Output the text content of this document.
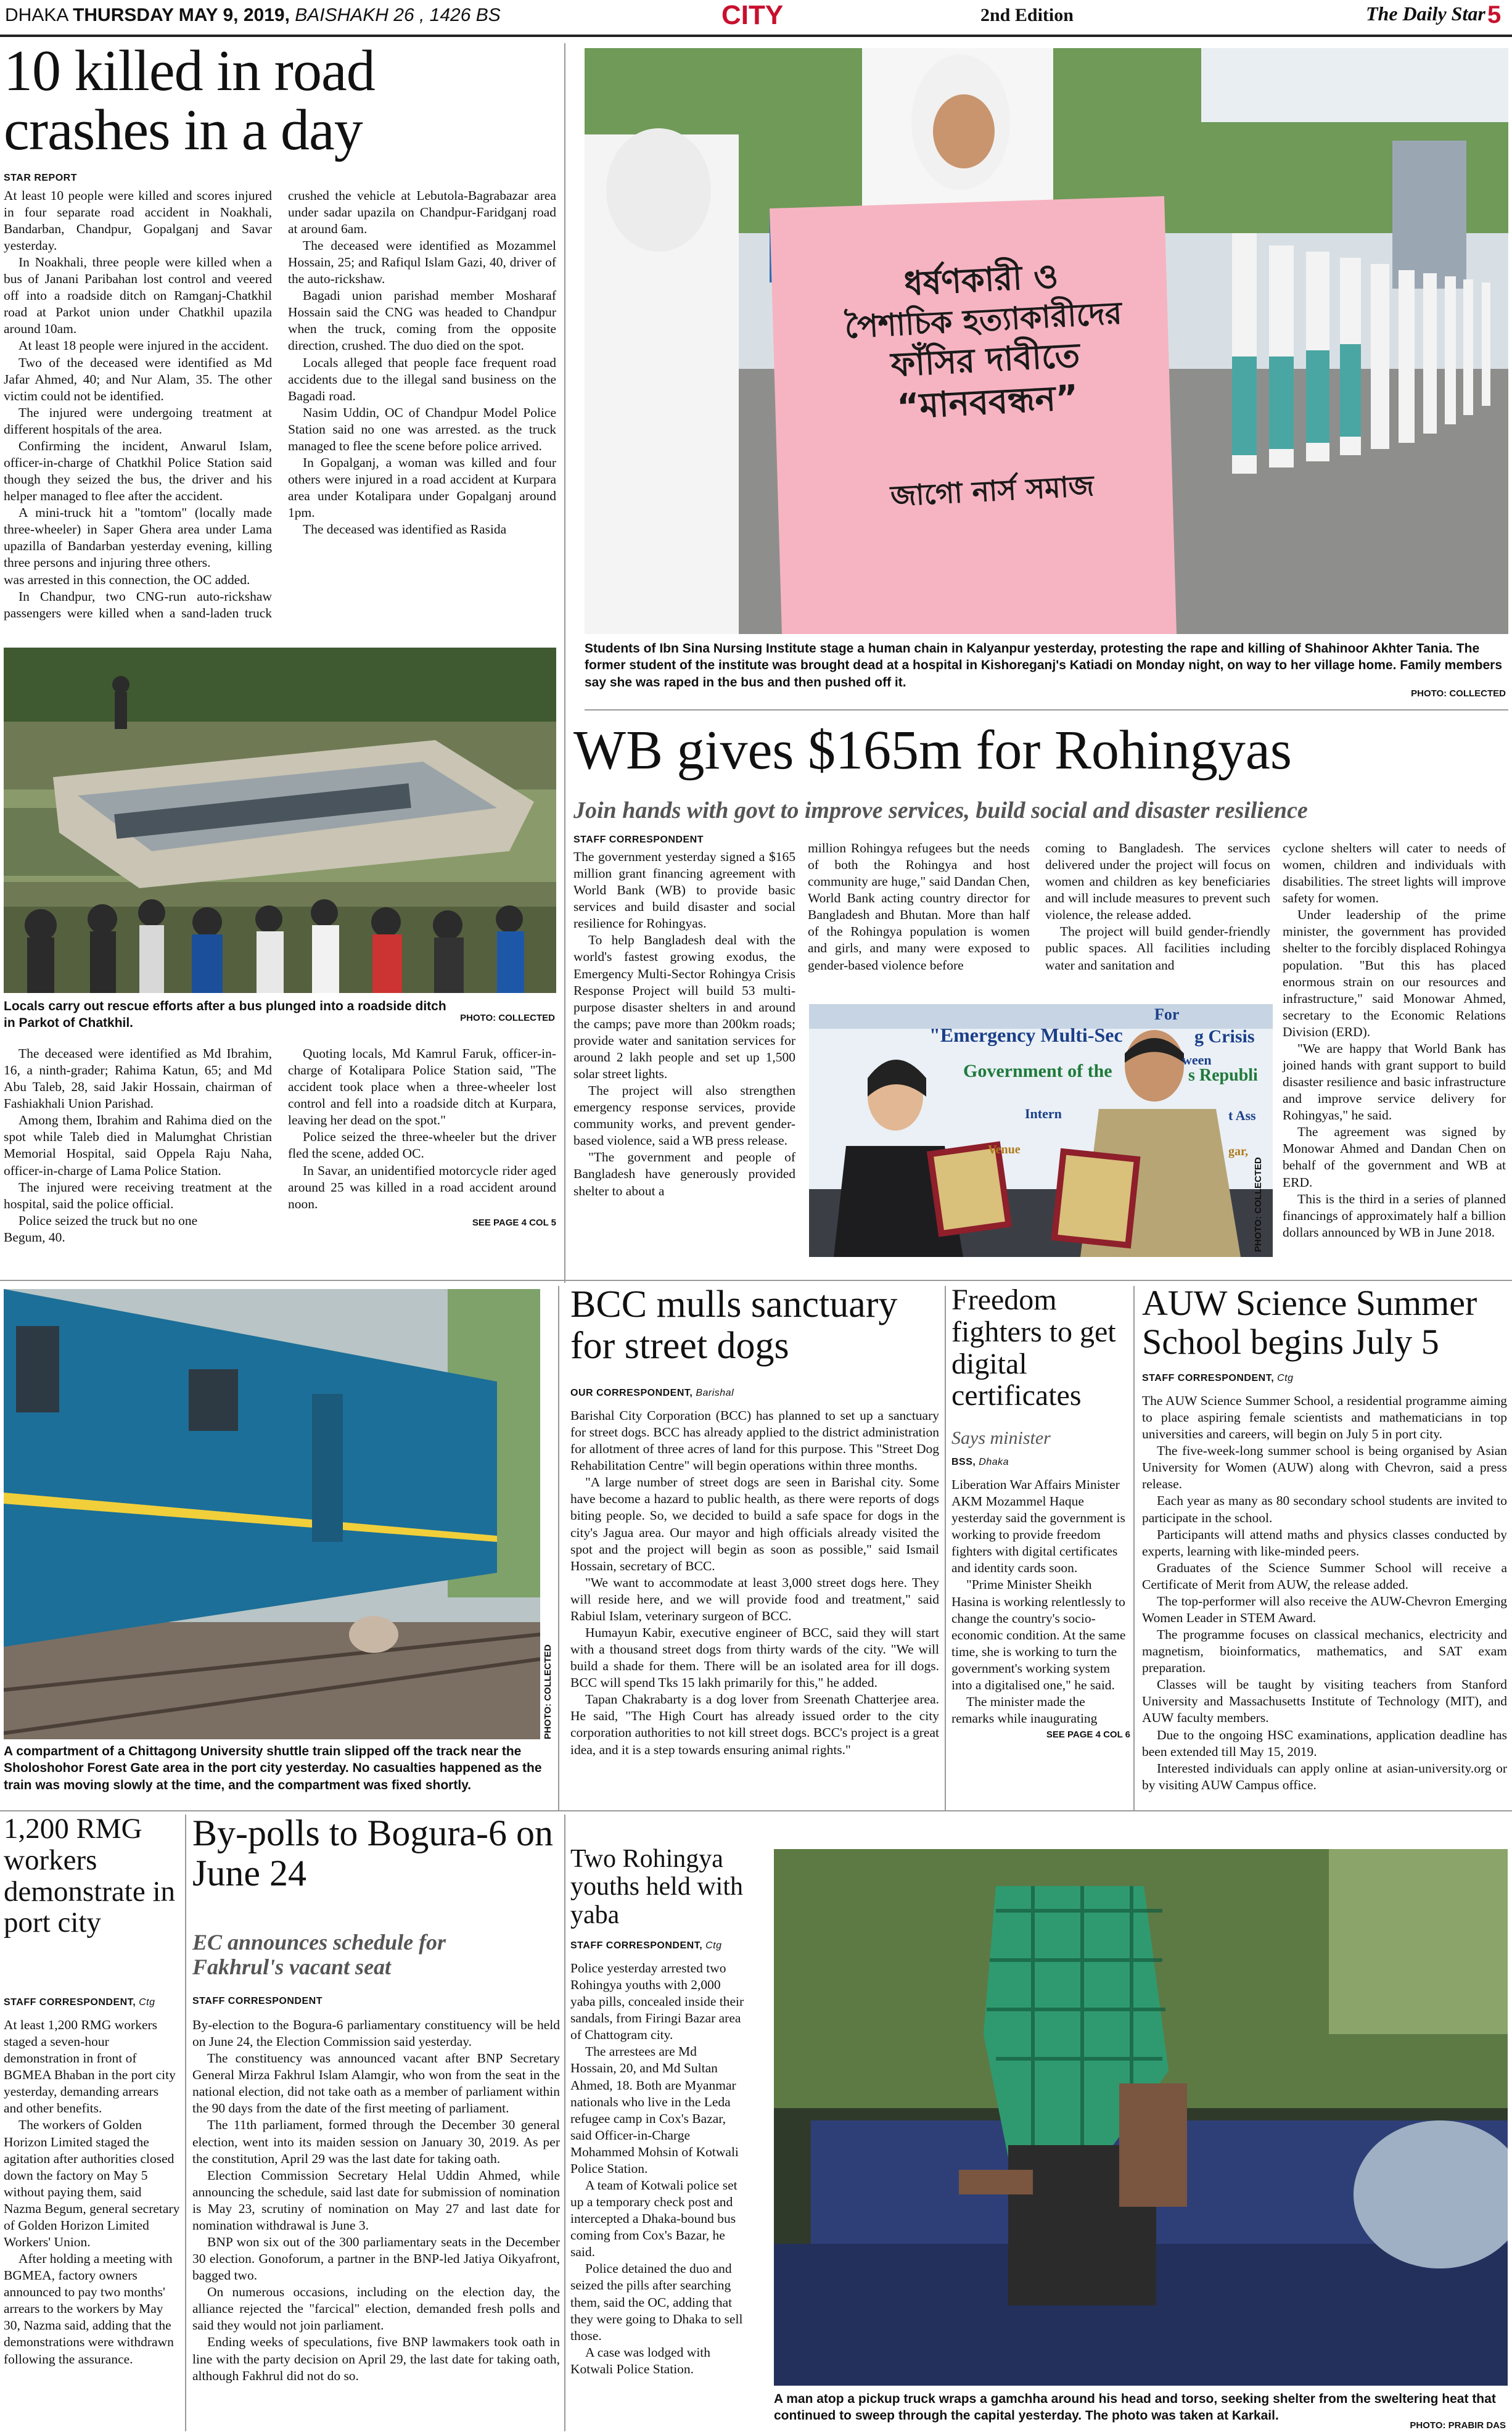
DHAKA THURSDAY MAY 9, 2019, BAISHAKH 26 , 1426 BS	CITY	2nd Edition	The Daily Star 5
10 killed in road crashes in a day
STAR REPORT

At least 10 people were killed and scores injured in four separate road accident in Noakhali, Bandarban, Chandpur, Gopalganj and Savar yesterday.

In Noakhali, three people were killed when a bus of Janani Paribahan lost control and veered off into a roadside ditch on Ramganj-Chatkhil road at Parkot union under Chatkhil upazila around 10am.

At least 18 people were injured in the accident.

Two of the deceased were identified as Md Jafar Ahmed, 40; and Nur Alam, 35. The other victim could not be identified.

The injured were undergoing treatment at different hospitals of the area.

Confirming the incident, Anwarul Islam, officer-in-charge of Chatkhil Police Station said though they seized the bus, the driver and his helper managed to flee after the accident.

A mini-truck hit a "tomtom" (locally made three-wheeler) in Saper Ghera area under Lama upazilla of Bandarban yesterday evening, killing three persons and injuring three others.

was arrested in this connection, the OC added.

In Chandpur, two CNG-run auto-rickshaw passengers were killed when a sand-laden truck crushed the vehicle at Lebutola-Bagrabazar area under sadar upazila on Chandpur-Faridganj road at around 6am.

The deceased were identified as Mozammel Hossain, 25; and Rafiqul Islam Gazi, 40, driver of the auto-rickshaw.

Bagadi union parishad member Mosharaf Hossain said the CNG was headed to Chandpur when the truck, coming from the opposite direction, crushed. The duo died on the spot.

Locals alleged that people face frequent road accidents due to the illegal sand business on the Bagadi road.

Nasim Uddin, OC of Chandpur Model Police Station said no one was arrested. as the truck managed to flee the scene before police arrived.

In Gopalganj, a woman was killed and four others were injured in a road accident at Kurpara area under Kotalipara under Gopalganj around 1pm.

The deceased was identified as Rasida

Locals carry out rescue efforts after a bus plunged into a roadside ditch in Parkot of Chatkhil.	PHOTO: COLLECTED

The deceased were identified as Md Ibrahim, 16, a ninth-grader; Rahima Katun, 65; and Md Abu Taleb, 28, said Jakir Hossain, chairman of Fashiakhali Union Parishad.

Among them, Ibrahim and Rahima died on the spot while Taleb died in Malumghat Christian Memorial Hospital, said Oppela Raju Naha, officer-in-charge of Lama Police Station.

The injured were receiving treatment at the hospital, said the police official.

Police seized the truck but no one

Begum, 40.

Quoting locals, Md Kamrul Faruk, officer-in-charge of Kotalipara Police Station said, "The accident took place when a three-wheeler lost control and fell into a roadside ditch at Kurpara, leaving her dead on the spot."

Police seized the three-wheeler but the driver fled the scene, added OC.

In Savar, an unidentified motorcycle rider aged around 25 was killed in a road accident around noon.

SEE PAGE 4 COL 5
ধর্ষণকারী ও
পৈশাচিক হত্যাকারীদের
ফাঁসির দাবীতে
“মানববন্ধন”
জাগো নার্স সমাজ
Students of Ibn Sina Nursing Institute stage a human chain in Kalyanpur yesterday, protesting the rape and killing of Shahinoor Akhter Tania. The former student of the institute was brought dead at a hospital in Kishoreganj's Katiadi on Monday night, on way to her village home. Family members say she was raped in the bus and then pushed off it.
PHOTO: COLLECTED
WB gives $165m for Rohingyas
Join hands with govt to improve services, build social and disaster resilience
STAFF CORRESPONDENT

The government yesterday signed a $165 million grant financing agreement with World Bank (WB) to provide basic services and build disaster and social resilience for Rohingyas.

To help Bangladesh deal with the world's fastest growing exodus, the Emergency Multi-Sector Rohingya Crisis Response Project will build 53 multi-purpose disaster shelters in and around the camps; pave more than 200km roads; provide water and sanitation services for around 2 lakh people and set up 1,500 solar street lights.

The project will also strengthen emergency response services, provide community works, and prevent gender-based violence, said a WB press release.

"The government and people of Bangladesh have generously provided shelter to about a

million Rohingya refugees but the needs of both the Rohingya and host community are huge," said Dandan Chen, World Bank acting country director for Bangladesh and Bhutan. More than half of the Rohingya population is women and girls, and many were exposed to gender-based violence before

coming to Bangladesh. The services delivered under the project will focus on women and children as key beneficiaries and will include measures to prevent such violence, the release added.

The project will build gender-friendly public spaces. All facilities including water and sanitation and

cyclone shelters will cater to needs of women, children and individuals with disabilities. The street lights will improve safety for women.

Under leadership of the prime minister, the government has provided shelter to the forcibly displaced Rohingya population. "But this has placed enormous strain on our resources and infrastructure," said Monowar Ahmed, secretary to the Economic Relations Division (ERD).

"We are happy that World Bank has joined hands with grant support to build disaster resilience and basic infrastructure and improve service delivery for Rohingyas," he said.

The agreement was signed by Monowar Ahmed and Dandan Chen on behalf of the government and WB at ERD.

This is the third in a series of planned financings of approximately half a billion dollars announced by WB in June 2018.

For
"Emergency Multi-Sec	g Crisis
ween
Government of the	s Republi
Intern	t Ass
Venue	gar,
PHOTO: COLLECTED
PHOTO: COLLECTED
A compartment of a Chittagong University shuttle train slipped off the track near the Sholoshohor Forest Gate area in the port city yesterday. No casualties happened as the train was moving slowly at the time, and the compartment was fixed shortly.
BCC mulls sanctuary for street dogs
OUR CORRESPONDENT, Barishal

Barishal City Corporation (BCC) has planned to set up a sanctuary for street dogs. BCC has already applied to the district administration for allotment of three acres of land for this purpose. This "Street Dog Rehabilitation Centre" will begin operations within three months.

"A large number of street dogs are seen in Barishal city. Some have become a hazard to public health, as there were reports of dogs biting people. So, we decided to build a safe space for dogs in the city's Jagua area. Our mayor and high officials already visited the spot and the project will begin as soon as possible," said Ismail Hossain, secretary of BCC.

"We want to accommodate at least 3,000 street dogs here. They will reside here, and we will provide food and treatment," said Rabiul Islam, veterinary surgeon of BCC.

Humayun Kabir, executive engineer of BCC, said they will start with a thousand street dogs from thirty wards of the city. "We will build a shade for them. There will be an isolated area for ill dogs. BCC will spend Tks 15 lakh primarily for this," he added.

Tapan Chakrabarty is a dog lover from Sreenath Chatterjee area. He said, "The High Court has already issued order to the city corporation authorities to not kill street dogs. BCC's project is a great idea, and it is a step towards ensuring animal rights."

Freedom fighters to get digital certificates
Says minister
BSS, Dhaka

Liberation War Affairs Minister AKM Mozammel Haque yesterday said the government is working to provide freedom fighters with digital certificates and identity cards soon.

"Prime Minister Sheikh Hasina is working relentlessly to change the country's socio-economic condition. At the same time, she is working to turn the government's working system into a digitalised one," he said.

The minister made the remarks while inaugurating

SEE PAGE 4 COL 6
AUW Science Summer School begins July 5
STAFF CORRESPONDENT, Ctg

The AUW Science Summer School, a residential programme aiming to place aspiring female scientists and mathematicians in top universities and careers, will begin on July 5 in port city.

The five-week-long summer school is being organised by Asian University for Women (AUW) along with Chevron, said a press release.

Each year as many as 80 secondary school students are invited to participate in the school.

Participants will attend maths and physics classes conducted by experts, learning with like-minded peers.

Graduates of the Science Summer School will receive a Certificate of Merit from AUW, the release added.

The top-performer will also receive the AUW-Chevron Emerging Women Leader in STEM Award.

The programme focuses on classical mechanics, electricity and magnetism, bioinformatics, mathematics, and SAT exam preparation.

Classes will be taught by visiting teachers from Stanford University and Massachusetts Institute of Technology (MIT), and AUW faculty members.

Due to the ongoing HSC examinations, application deadline has been extended till May 15, 2019.

Interested individuals can apply online at asian-university.org or by visiting AUW Campus office.

1,200 RMG workers demonstrate in port city
STAFF CORRESPONDENT, Ctg

At least 1,200 RMG workers staged a seven-hour demonstration in front of BGMEA Bhaban in the port city yesterday, demanding arrears and other benefits.

The workers of Golden Horizon Limited staged the agitation after authorities closed down the factory on May 5 without paying them, said Nazma Begum, general secretary of Golden Horizon Limited Workers' Union.

After holding a meeting with BGMEA, factory owners announced to pay two months' arrears to the workers by May 30, Nazma said, adding that the demonstrations were withdrawn following the assurance.

By-polls to Bogura-6 on June 24
EC announces schedule for Fakhrul's vacant seat
STAFF CORRESPONDENT

By-election to the Bogura-6 parliamentary constituency will be held on June 24, the Election Commission said yesterday.

The constituency was announced vacant after BNP Secretary General Mirza Fakhrul Islam Alamgir, who won from the seat in the national election, did not take oath as a member of parliament within the 90 days from the date of the first meeting of parliament.

The 11th parliament, formed through the December 30 general election, went into its maiden session on January 30, 2019. As per the constitution, April 29 was the last date for taking oath.

Election Commission Secretary Helal Uddin Ahmed, while announcing the schedule, said last date for submission of nomination is May 23, scrutiny of nomination on May 27 and last date for nomination withdrawal is June 3.

BNP won six out of the 300 parliamentary seats in the December 30 election. Gonoforum, a partner in the BNP-led Jatiya Oikyafront, bagged two.

On numerous occasions, including on the election day, the alliance rejected the "farcical" election, demanded fresh polls and said they would not join parliament.

Ending weeks of speculations, five BNP lawmakers took oath in line with the party decision on April 29, the last date for taking oath, although Fakhrul did not do so.

Two Rohingya youths held with yaba
STAFF CORRESPONDENT, Ctg

Police yesterday arrested two Rohingya youths with 2,000 yaba pills, concealed inside their sandals, from Firingi Bazar area of Chattogram city.

The arrestees are Md Hossain, 20, and Md Sultan Ahmed, 18. Both are Myanmar nationals who live in the Leda refugee camp in Cox's Bazar, said Officer-in-Charge Mohammed Mohsin of Kotwali Police Station.

A team of Kotwali police set up a temporary check post and intercepted a Dhaka-bound bus coming from Cox's Bazar, he said.

Police detained the duo and seized the pills after searching them, said the OC, adding that they were going to Dhaka to sell those.

A case was lodged with Kotwali Police Station.

A man atop a pickup truck wraps a gamchha around his head and torso, seeking shelter from the sweltering heat that continued to sweep through the capital yesterday. The photo was taken at Karkail.
PHOTO: PRABIR DAS
